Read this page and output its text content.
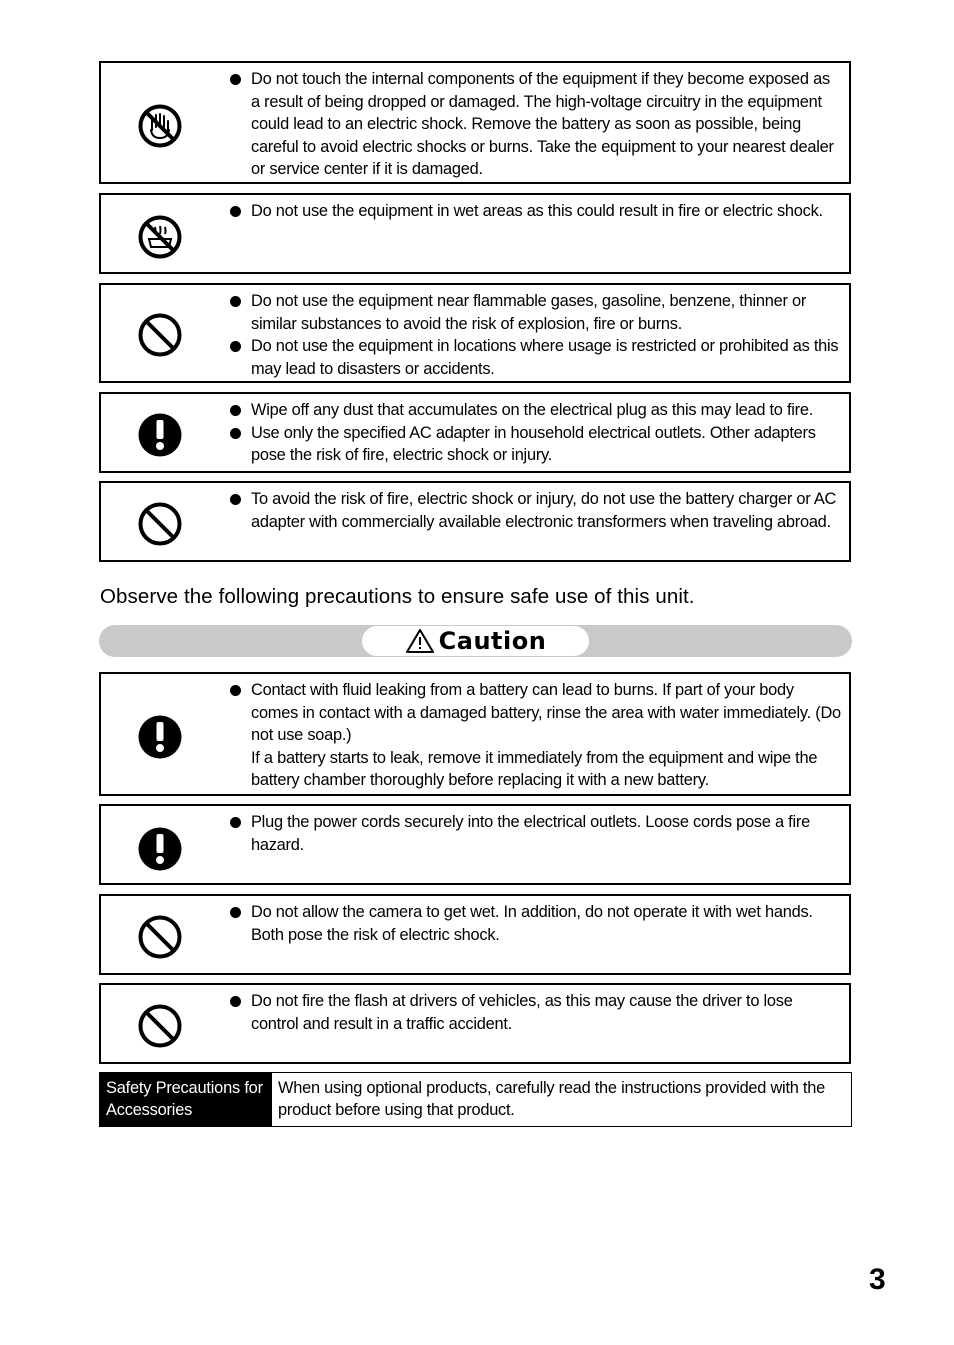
Do not touch the internal components of the equipment if they become exposed as a result of being dropped or damaged. The high-voltage circuitry in the equipment could lead to an electric shock. Remove the battery as soon as possible, being careful to avoid electric shocks or burns. Take the equipment to your nearest dealer or service center if it is damaged.
Do not use the equipment in wet areas as this could result in fire or electric shock.
Do not use the equipment near flammable gases, gasoline, benzene, thinner or similar substances to avoid the risk of explosion, fire or burns.
Do not use the equipment in locations where usage is restricted or prohibited as this may lead to disasters or accidents.
Wipe off any dust that accumulates on the electrical plug as this may lead to fire.
Use only the specified AC adapter in household electrical outlets. Other adapters pose the risk of fire, electric shock or injury.
To avoid the risk of fire, electric shock or injury, do not use the battery charger or AC adapter with commercially available electronic transformers when traveling abroad.
Observe the following precautions to ensure safe use of this unit.
Caution
Contact with fluid leaking from a battery can lead to burns. If part of your body comes in contact with a damaged battery, rinse the area with water immediately. (Do not use soap.)
If a battery starts to leak, remove it immediately from the equipment and wipe the battery chamber thoroughly before replacing it with a new battery.
Plug the power cords securely into the electrical outlets. Loose cords pose a fire hazard.
Do not allow the camera to get wet. In addition, do not operate it with wet hands. Both pose the risk of electric shock.
Do not fire the flash at drivers of vehicles, as this may cause the driver to lose control and result in a traffic accident.
Safety Precautions for Accessories
When using optional products, carefully read the instructions provided with the product before using that product.
3
